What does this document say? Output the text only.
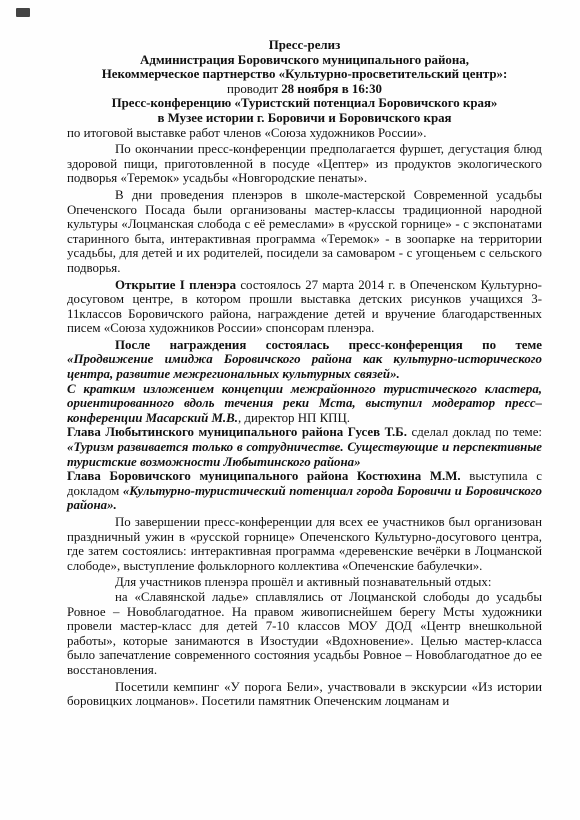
Пресс-релиз
Администрация Боровичского муниципального района,
Некоммерческое партнерство «Культурно-просветительский центр»:
проводит 28 ноября в 16:30
Пресс-конференцию «Туристский потенциал Боровичского края»
в Музее истории г. Боровичи и Боровичского края

по итоговой выставке работ членов «Союза художников России».

По окончании пресс-конференции предполагается фуршет, дегустация блюд здоровой пищи, приготовленной в посуде «Цептер» из продуктов экологического подворья «Теремок» усадьбы «Новгородские пенаты».

В дни проведения пленэров в школе-мастерской Современной усадьбы Опеченского Посада были организованы мастер-классы традиционной народной культуры «Лоцманская слобода с её ремеслами» в «русской горнице» - с экспонатами старинного быта, интерактивная программа «Теремок» - в зоопарке на территории усадьбы, для детей и их родителей, посидели за самоваром - с угощеньем с сельского подворья.

Открытие I пленэра состоялось 27 марта 2014 г. в Опеченском Культурно-досуговом центре, в котором прошли выставка детских рисунков учащихся 3-11классов Боровичского района, награждение детей и вручение благодарственных писем «Союза художников России» спонсорам пленэра.

После награждения состоялась пресс-конференция по теме «Продвижение имиджа Боровичского района как культурно-исторического центра, развитие межрегиональных культурных связей».

С кратким изложением концепции межрайонного туристического кластера, ориентированного вдоль течения реки Мста, выступил модератор пресс–конференции Масарский М.В., директор НП КПЦ.

Глава Любытинского муниципального района Гусев Т.Б. сделал доклад по теме: «Туризм развивается только в сотрудничестве. Существующие и перспективные туристские возможности Любытинского района»

Глава Боровичского муниципального района Костюхина М.М. выступила с докладом «Культурно-туристический потенциал города Боровичи и Боровичского района».

По завершении пресс-конференции для всех ее участников был организован праздничный ужин в «русской горнице» Опеченского Культурно-досугового центра, где затем состоялись: интерактивная программа «деревенские вечёрки в Лоцманской слободе», выступление фольклорного коллектива «Опеченские бабулечки».

Для участников пленэра прошёл и активный познавательный отдых:

на «Славянской ладье» сплавлялись от Лоцманской слободы до усадьбы Ровное – Новоблагодатное. На правом живописнейшем берегу Мсты художники провели мастер-класс для детей 7-10 классов МОУ ДОД «Центр внешкольной работы», которые занимаются в Изостудии «Вдохновение». Целью мастер-класса было запечатление современного состояния усадьбы Ровное – Новоблагодатное до ее восстановления.

Посетили кемпинг «У порога Бели», участвовали в экскурсии «Из истории боровицких лоцманов». Посетили памятник Опеченским лоцманам и
